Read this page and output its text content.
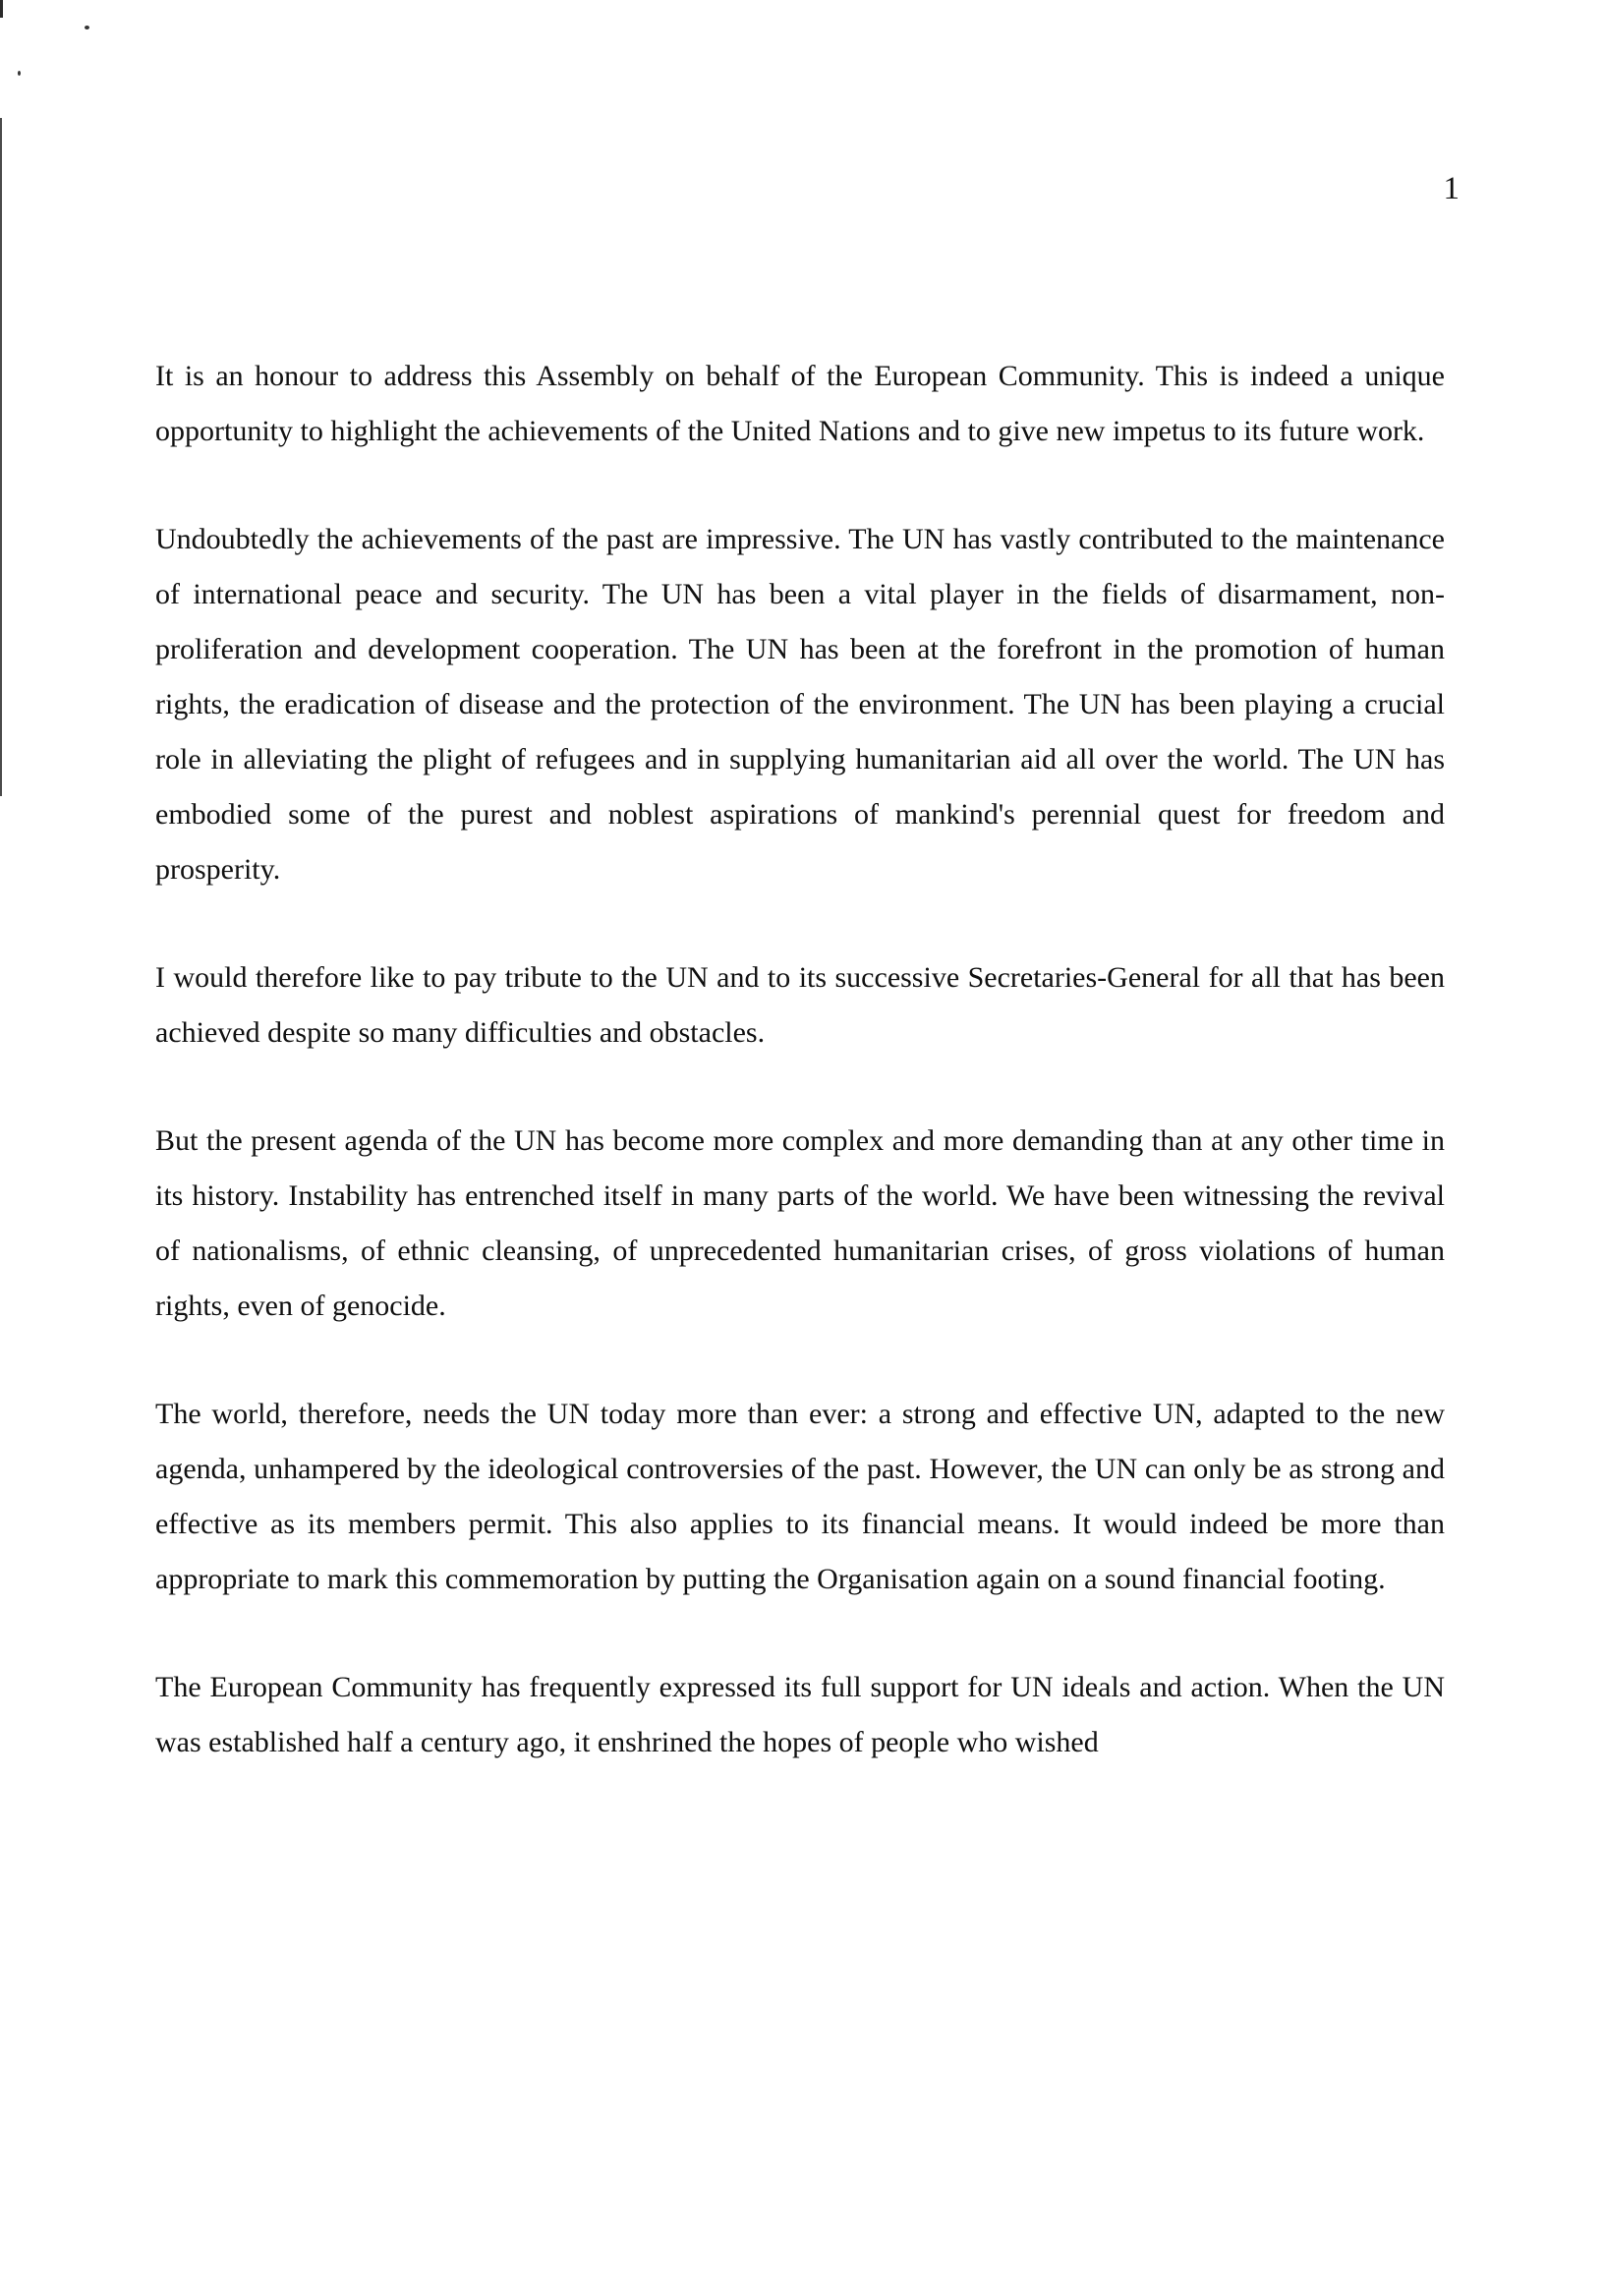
1

It is an honour to address this Assembly on behalf of the European Community. This is indeed a unique opportunity to highlight the achievements of the United Nations and to give new impetus to its future work.

Undoubtedly the achievements of the past are impressive. The UN has vastly contributed to the maintenance of international peace and security. The UN has been a vital player in the fields of disarmament, non-proliferation and development cooperation. The UN has been at the forefront in the promotion of human rights, the eradication of disease and the protection of the environment. The UN has been playing a crucial role in alleviating the plight of refugees and in supplying humanitarian aid all over the world. The UN has embodied some of the purest and noblest aspirations of mankind's perennial quest for freedom and prosperity.

I would therefore like to pay tribute to the UN and to its successive Secretaries-General for all that has been achieved despite so many difficulties and obstacles.

But the present agenda of the UN has become more complex and more demanding than at any other time in its history. Instability has entrenched itself in many parts of the world. We have been witnessing the revival of nationalisms, of ethnic cleansing, of unprecedented humanitarian crises, of gross violations of human rights, even of genocide.

The world, therefore, needs the UN today more than ever: a strong and effective UN, adapted to the new agenda, unhampered by the ideological controversies of the past. However, the UN can only be as strong and effective as its members permit. This also applies to its financial means. It would indeed be more than appropriate to mark this commemoration by putting the Organisation again on a sound financial footing.

The European Community has frequently expressed its full support for UN ideals and action. When the UN was established half a century ago, it enshrined the hopes of people who wished
